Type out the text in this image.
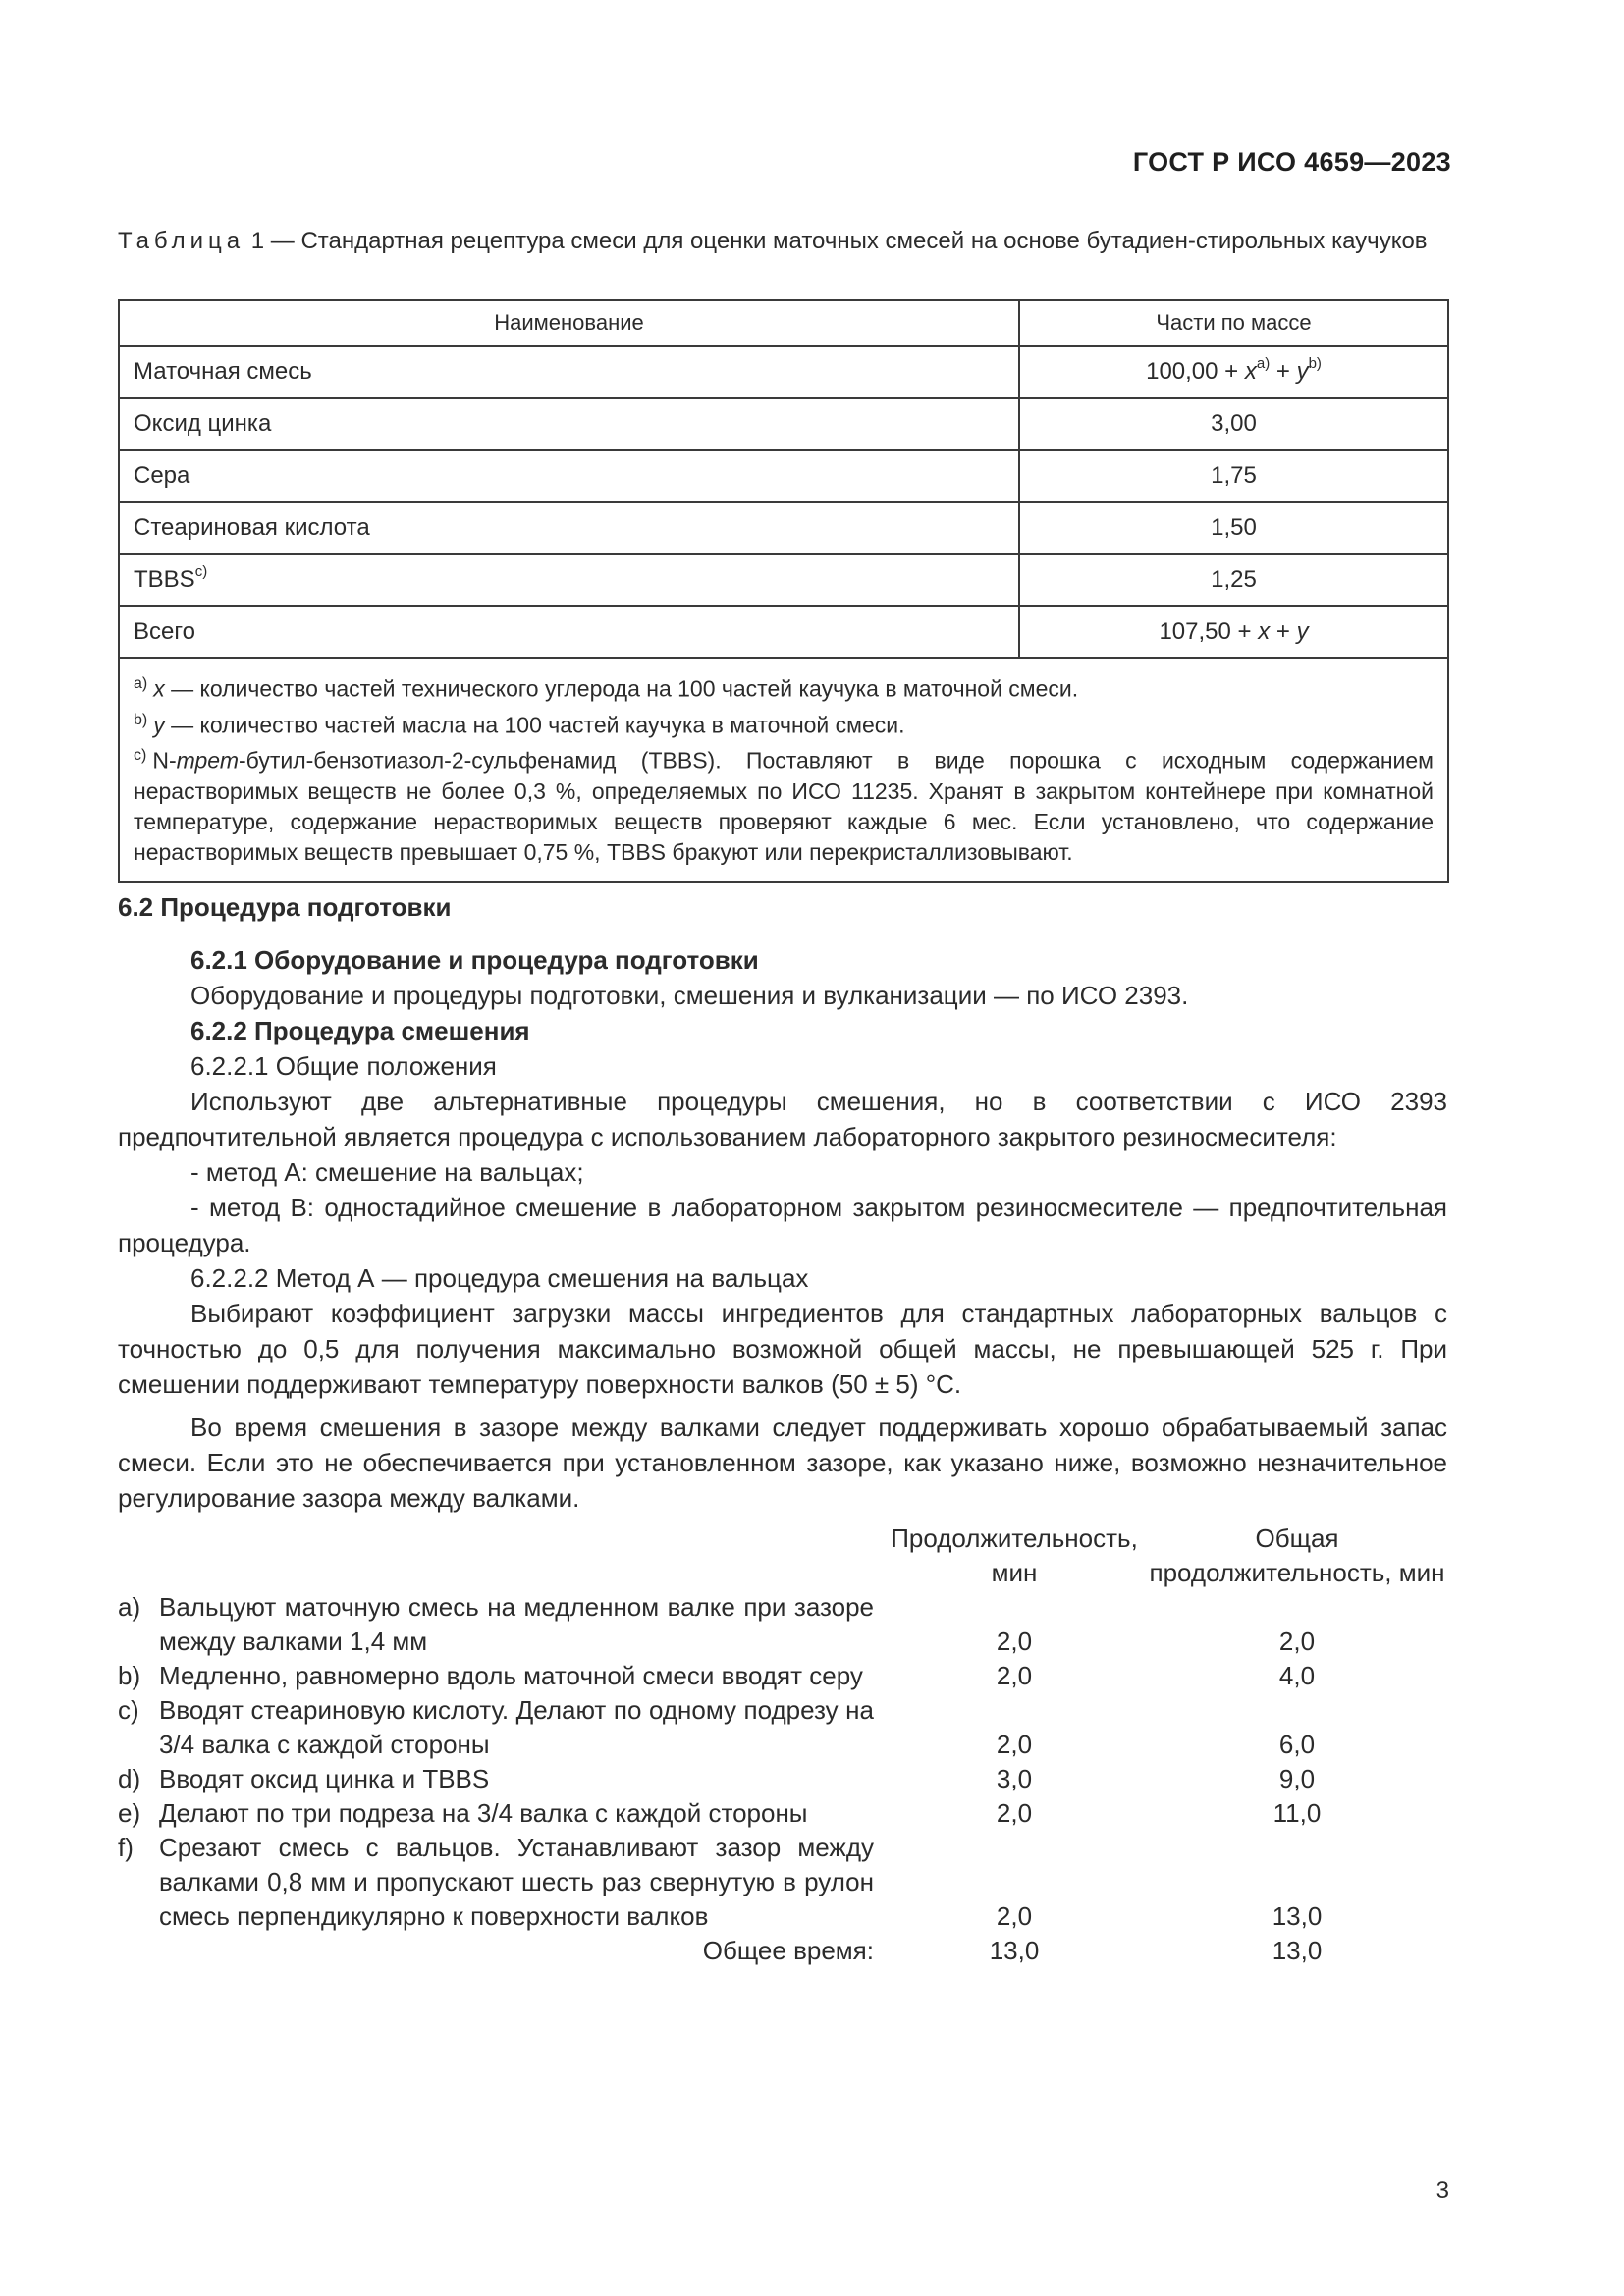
ГОСТ Р ИСО 4659—2023
Таблица 1 — Стандартная рецептура смеси для оценки маточных смесей на основе бутадиен-стирольных каучуков
Наименование	Части по массе
Маточная смесь	$100,00 + x^{a)} + y^{b)}$
Оксид цинка	3,00
Сера	1,75
Стеариновая кислота	1,50
TBBS$^{c)}$	1,25
Всего	107,50 + x + y

$^{a)}$ x — количество частей технического углерода на 100 частей каучука в маточной смеси.
$^{b)}$ y — количество частей масла на 100 частей каучука в маточной смеси.
$^{c)}$ N-трет-бутил-бензотиазол-2-сульфенамид (TBBS). Поставляют в виде порошка с исходным содержанием нерастворимых веществ не более 0,3 %, определяемых по ИСО 11235. Хранят в закрытом контейнере при комнатной температуре, содержание нерастворимых веществ проверяют каждые 6 мес. Если установлено, что содержание нерастворимых веществ превышает 0,75 %, TBBS бракуют или перекристаллизовывают.	
6.2 Процедура подготовки
6.2.1 Оборудование и процедура подготовки
Оборудование и процедуры подготовки, смешения и вулканизации — по ИСО 2393.
6.2.2 Процедура смешения
6.2.2.1 Общие положения
Используют две альтернативные процедуры смешения, но в соответствии с ИСО 2393 предпочтительной является процедура с использованием лабораторного закрытого резиносмесителя:
- метод А: смешение на вальцах;
- метод В: одностадийное смешение в лабораторном закрытом резиносмесителе — предпочтительная процедура.
6.2.2.2 Метод А — процедура смешения на вальцах
Выбирают коэффициент загрузки массы ингредиентов для стандартных лабораторных вальцов с точностью до 0,5 для получения максимально возможной общей массы, не превышающей 525 г. При смешении поддерживают температуру поверхности валков (50 ± 5) °С.
Во время смешения в зазоре между валками следует поддерживать хорошо обрабатываемый запас смеси. Если это не обеспечивается при установленном зазоре, как указано ниже, возможно незначительное регулирование зазора между валками.
		Продолжительность, мин	Общая продолжительность, мин
a)	Вальцуют маточную смесь на медленном валке при зазоре между валками 1,4 мм	2,0	2,0
b)	Медленно, равномерно вдоль маточной смеси вводят серу	2,0	4,0
c)	Вводят стеариновую кислоту. Делают по одному подрезу на 3/4 валка с каждой стороны	2,0	6,0
d)	Вводят оксид цинка и TBBS	3,0	9,0
e)	Делают по три подреза на 3/4 валка с каждой стороны	2,0	11,0
f)	Срезают смесь с вальцов. Устанавливают зазор между валками 0,8 мм и пропускают шесть раз свернутую в рулон смесь перпендикулярно к поверхности валков	2,0	13,0
	Общее время:	13,0	13,0
3
